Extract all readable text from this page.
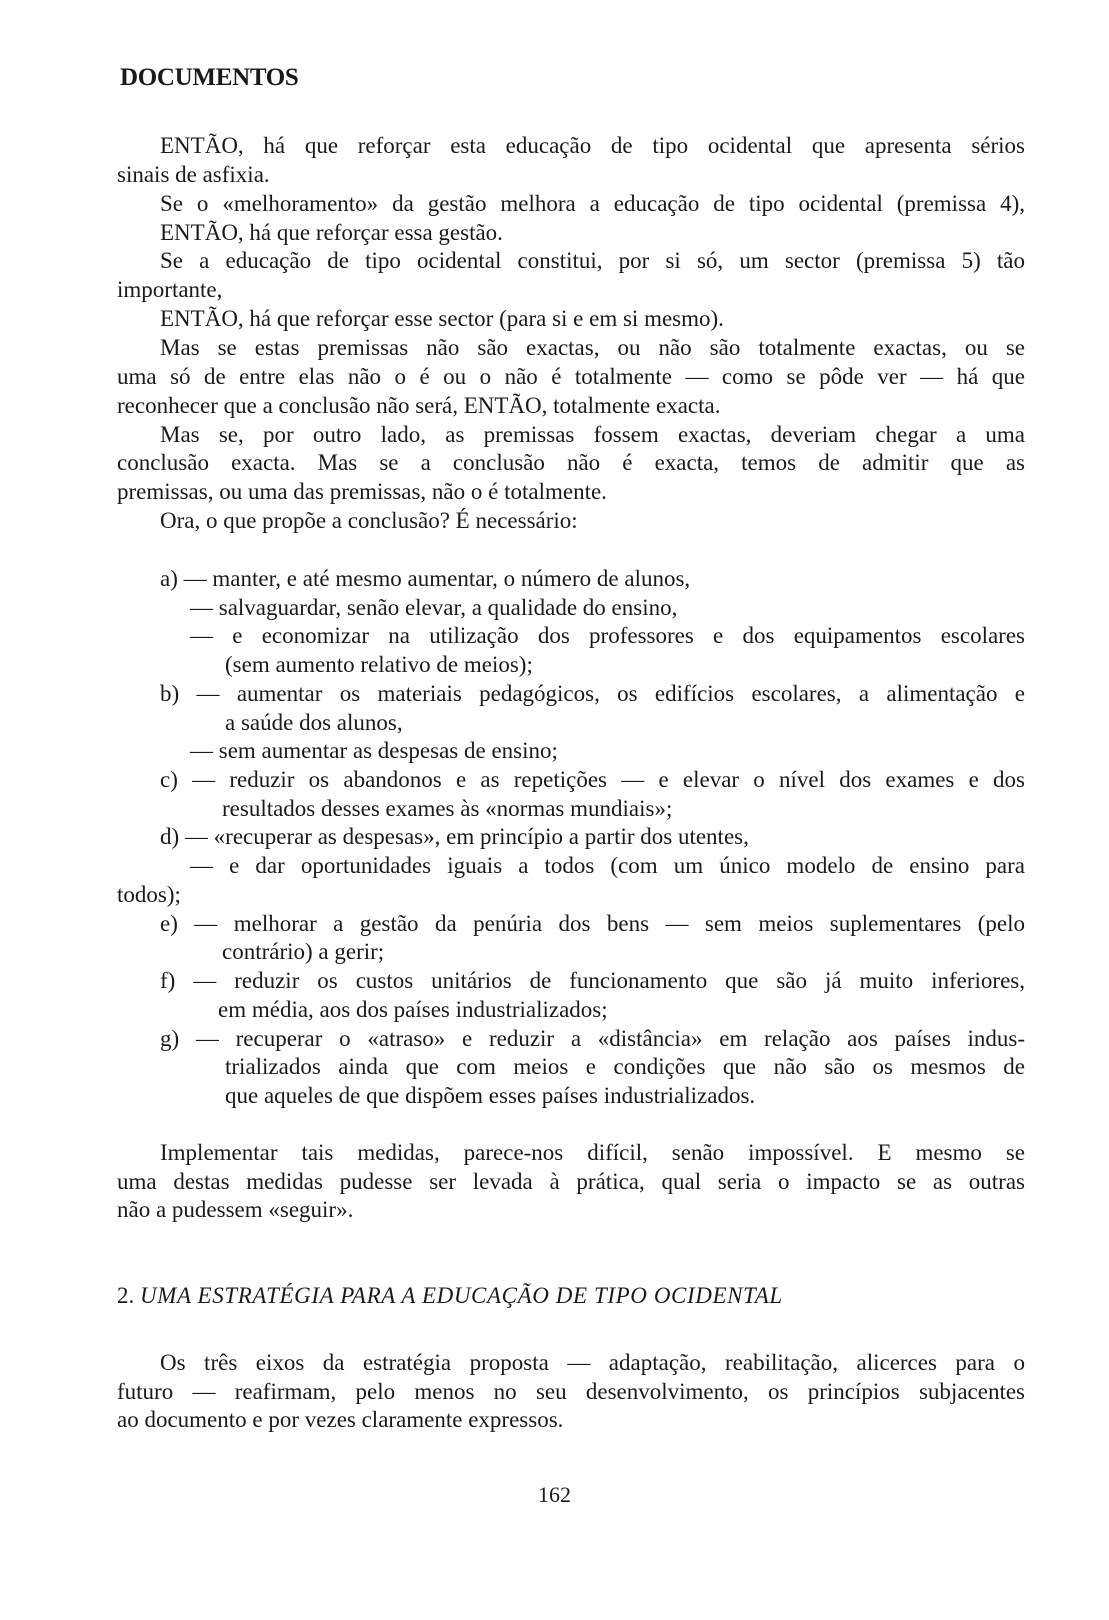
DOCUMENTOS
ENTÃO, há que reforçar esta educação de tipo ocidental que apresenta sérios
sinais de asfixia.
Se o «melhoramento» da gestão melhora a educação de tipo ocidental (premissa 4),
ENTÃO, há que reforçar essa gestão.
Se a educação de tipo ocidental constitui, por si só, um sector (premissa 5) tão
importante,
ENTÃO, há que reforçar esse sector (para si e em si mesmo).
Mas se estas premissas não são exactas, ou não são totalmente exactas, ou se
uma só de entre elas não o é ou o não é totalmente — como se pôde ver — há que
reconhecer que a conclusão não será, ENTÃO, totalmente exacta.
Mas se, por outro lado, as premissas fossem exactas, deveriam chegar a uma
conclusão exacta. Mas se a conclusão não é exacta, temos de admitir que as
premissas, ou uma das premissas, não o é totalmente.
Ora, o que propõe a conclusão? É necessário:
a) — manter, e até mesmo aumentar, o número de alunos,
— salvaguardar, senão elevar, a qualidade do ensino,
— e economizar na utilização dos professores e dos equipamentos escolares
(sem aumento relativo de meios);
b) — aumentar os materiais pedagógicos, os edifícios escolares, a alimentação e
a saúde dos alunos,
— sem aumentar as despesas de ensino;
c) — reduzir os abandonos e as repetições — e elevar o nível dos exames e dos
resultados desses exames às «normas mundiais»;
d) — «recuperar as despesas», em princípio a partir dos utentes,
— e dar oportunidades iguais a todos (com um único modelo de ensino para
todos);
e) — melhorar a gestão da penúria dos bens — sem meios suplementares (pelo
contrário) a gerir;
f) — reduzir os custos unitários de funcionamento que são já muito inferiores,
em média, aos dos países industrializados;
g) — recuperar o «atraso» e reduzir a «distância» em relação aos países indus-
trializados ainda que com meios e condições que não são os mesmos de
que aqueles de que dispõem esses países industrializados.
Implementar tais medidas, parece-nos difícil, senão impossível. E mesmo se
uma destas medidas pudesse ser levada à prática, qual seria o impacto se as outras
não a pudessem «seguir».
Os três eixos da estratégia proposta — adaptação, reabilitação, alicerces para o
futuro — reafirmam, pelo menos no seu desenvolvimento, os princípios subjacentes
ao documento e por vezes claramente expressos.
2. UMA ESTRATÉGIA PARA A EDUCAÇÃO DE TIPO OCIDENTAL
162
